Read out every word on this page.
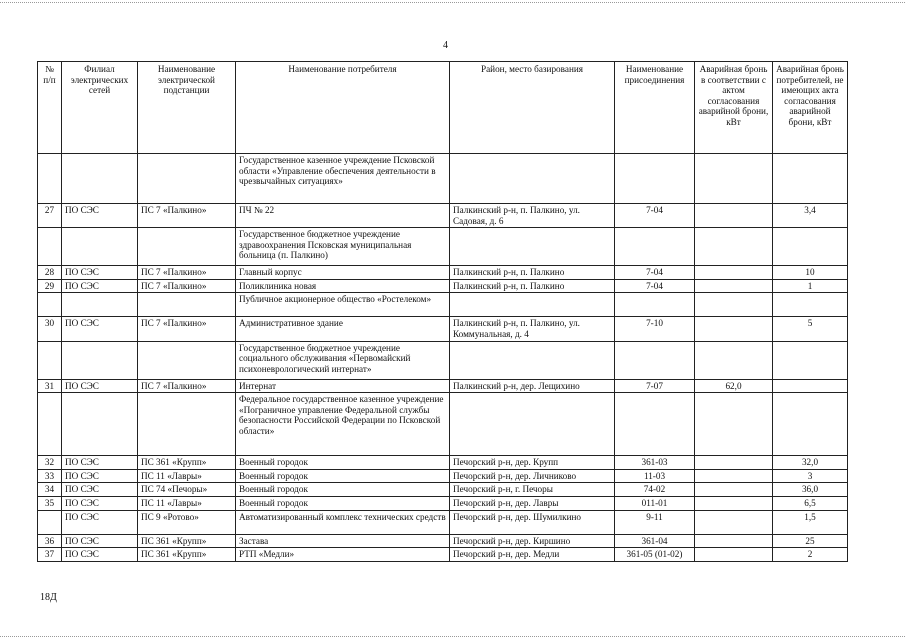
4
№ п/п	Филиал электрических сетей	Наименование электрической подстанции	Наименование потребителя	Район, место базирования	Наименование присоединения	Аварийная бронь в соответствии с актом согласования аварийной брони, кВт	Аварийная бронь потребителей, не имеющих акта согласования аварийной брони, кВт
			Государственное казенное учреждение Псковской области «Управление обеспечения деятельности в чрезвычайных ситуациях»				
27	ПО СЭС	ПС 7 «Палкино»	ПЧ № 22	Палкинский р-н, п. Палкино, ул. Садовая, д. 6	7-04		3,4
			Государственное бюджетное учреждение здравоохранения Псковская муниципальная больница (п. Палкино)				
28	ПО СЭС	ПС 7 «Палкино»	Главный корпус	Палкинский р-н, п. Палкино	7-04		10
29	ПО СЭС	ПС 7 «Палкино»	Поликлиника новая	Палкинский р-н, п. Палкино	7-04		1
			Публичное акционерное общество «Ростелеком»				
30	ПО СЭС	ПС 7 «Палкино»	Административное здание	Палкинский р-н, п. Палкино, ул. Коммунальная, д. 4	7-10		5
			Государственное бюджетное учреждение социального обслуживания «Первомайский психоневрологический интернат»				
31	ПО СЭС	ПС 7 «Палкино»	Интернат	Палкинский р-н, дер. Лещихино	7-07	62,0	
			Федеральное государственное казенное учреждение «Пограничное управление Федеральной службы безопасности Российской Федерации по Псковской области»				
32	ПО СЭС	ПС 361 «Крупп»	Военный городок	Печорский р-н, дер. Крупп	361-03		32,0
33	ПО СЭС	ПС 11 «Лавры»	Военный городок	Печорский р-н, дер. Личниково	11-03		3
34	ПО СЭС	ПС 74 «Печоры»	Военный городок	Печорский р-н, г. Печоры	74-02		36,0
35	ПО СЭС	ПС 11 «Лавры»	Военный городок	Печорский р-н, дер. Лавры	011-01		6,5
	ПО СЭС	ПС 9 «Ротово»	Автоматизированный комплекс технических средств	Печорский р-н, дер. Шумилкино	9-11		1,5
36	ПО СЭС	ПС 361 «Крупп»	Застава	Печорский р-н, дер. Киршино	361-04		25
37	ПО СЭС	ПС 361 «Крупп»	РТП «Медли»	Печорский р-н, дер. Медли	361-05 (01-02)		2
18Д
